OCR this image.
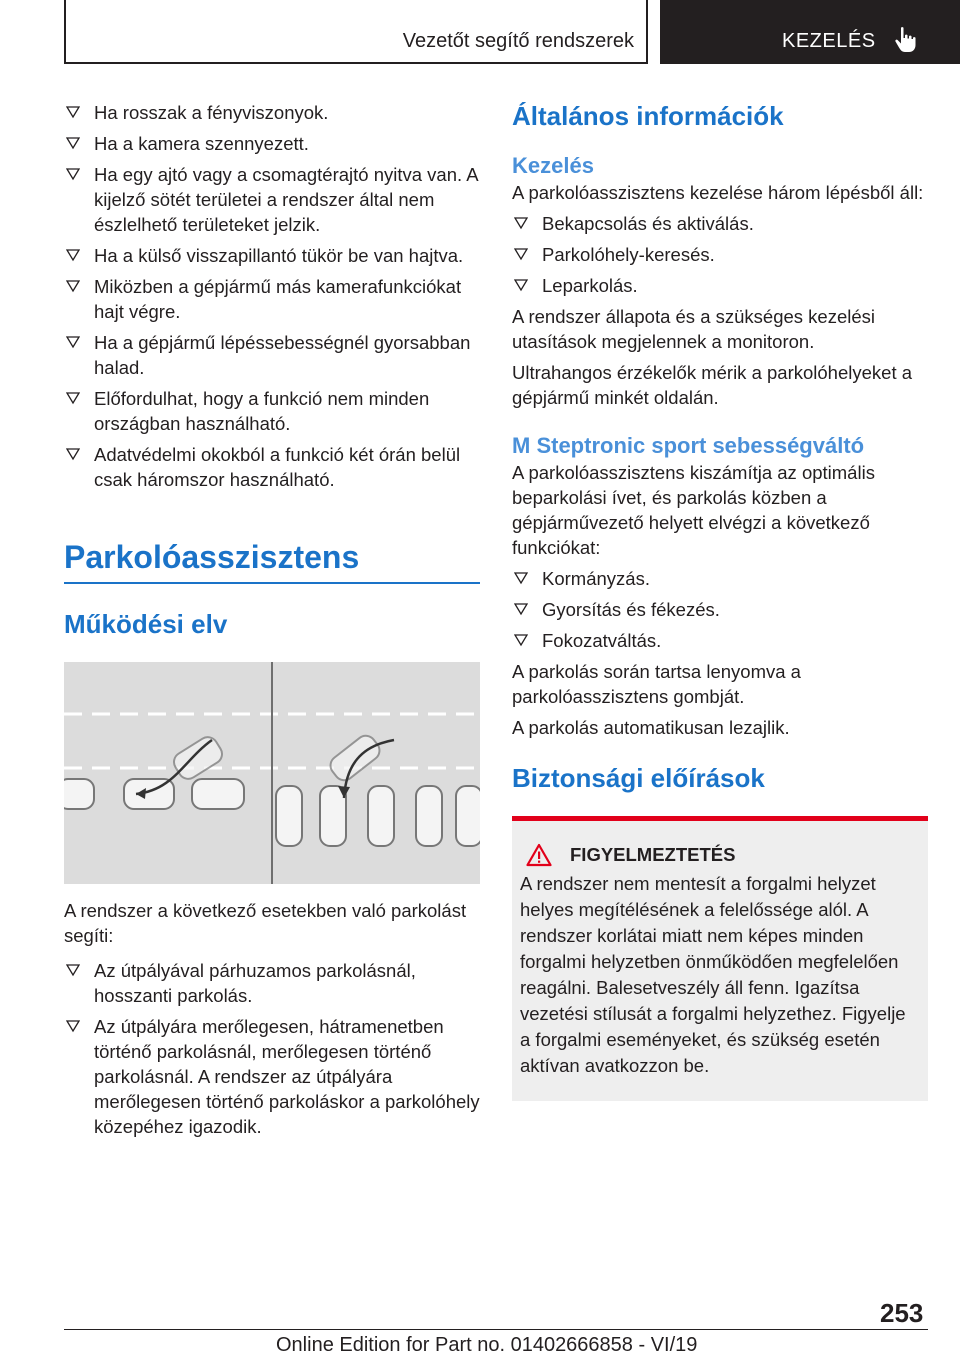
Vezetőt segítő rendszerek	KEZELÉS
Ha rosszak a fényviszonyok.
Ha a kamera szennyezett.
Ha egy ajtó vagy a csomagtérajtó nyitva van. A kijelző sötét területei a rendszer által nem észlelhető területeket jelzik.
Ha a külső visszapillantó tükör be van hajtva.
Miközben a gépjármű más kamerafunkciókat hajt végre.
Ha a gépjármű lépéssebességnél gyorsabban halad.
Előfordulhat, hogy a funkció nem minden országban használható.
Adatvédelmi okokból a funkció két órán belül csak háromszor használható.
Parkolóasszisztens
Működési elv

A rendszer a következő esetekben való parkolást segíti:

Az útpályával párhuzamos parkolásnál, hosszanti parkolás.
Az útpályára merőlegesen, hátramenetben történő parkolásnál, merőlegesen történő parkolásnál. A rendszer az útpályára merőlegesen történő parkoláskor a parkolóhely közepéhez igazodik.
Általános információk
Kezelés

A parkolóasszisztens kezelése három lépésből áll:

Bekapcsolás és aktiválás.
Parkolóhely-keresés.
Leparkolás.

A rendszer állapota és a szükséges kezelési utasítások megjelennek a monitoron.

Ultrahangos érzékelők mérik a parkolóhelyeket a gépjármű minkét oldalán.

M Steptronic sport sebességváltó

A parkolóasszisztens kiszámítja az optimális beparkolási ívet, és parkolás közben a gépjárművezető helyett elvégzi a következő funkciókat:

Kormányzás.
Gyorsítás és fékezés.
Fokozatváltás.

A parkolás során tartsa lenyomva a parkolóasszisztens gombját.

A parkolás automatikusan lezajlik.

Biztonsági előírások
FIGYELMEZTETÉS

A rendszer nem mentesít a forgalmi helyzet helyes megítélésének a felelőssége alól. A rendszer korlátai miatt nem képes minden forgalmi helyzetben önműködően megfelelően reagálni. Balesetveszély áll fenn. Igazítsa vezetési stílusát a forgalmi helyzethez. Figyelje a forgalmi eseményeket, és szükség esetén aktívan avatkozzon be.

253
Online Edition for Part no. 01402666858 - VI/19
